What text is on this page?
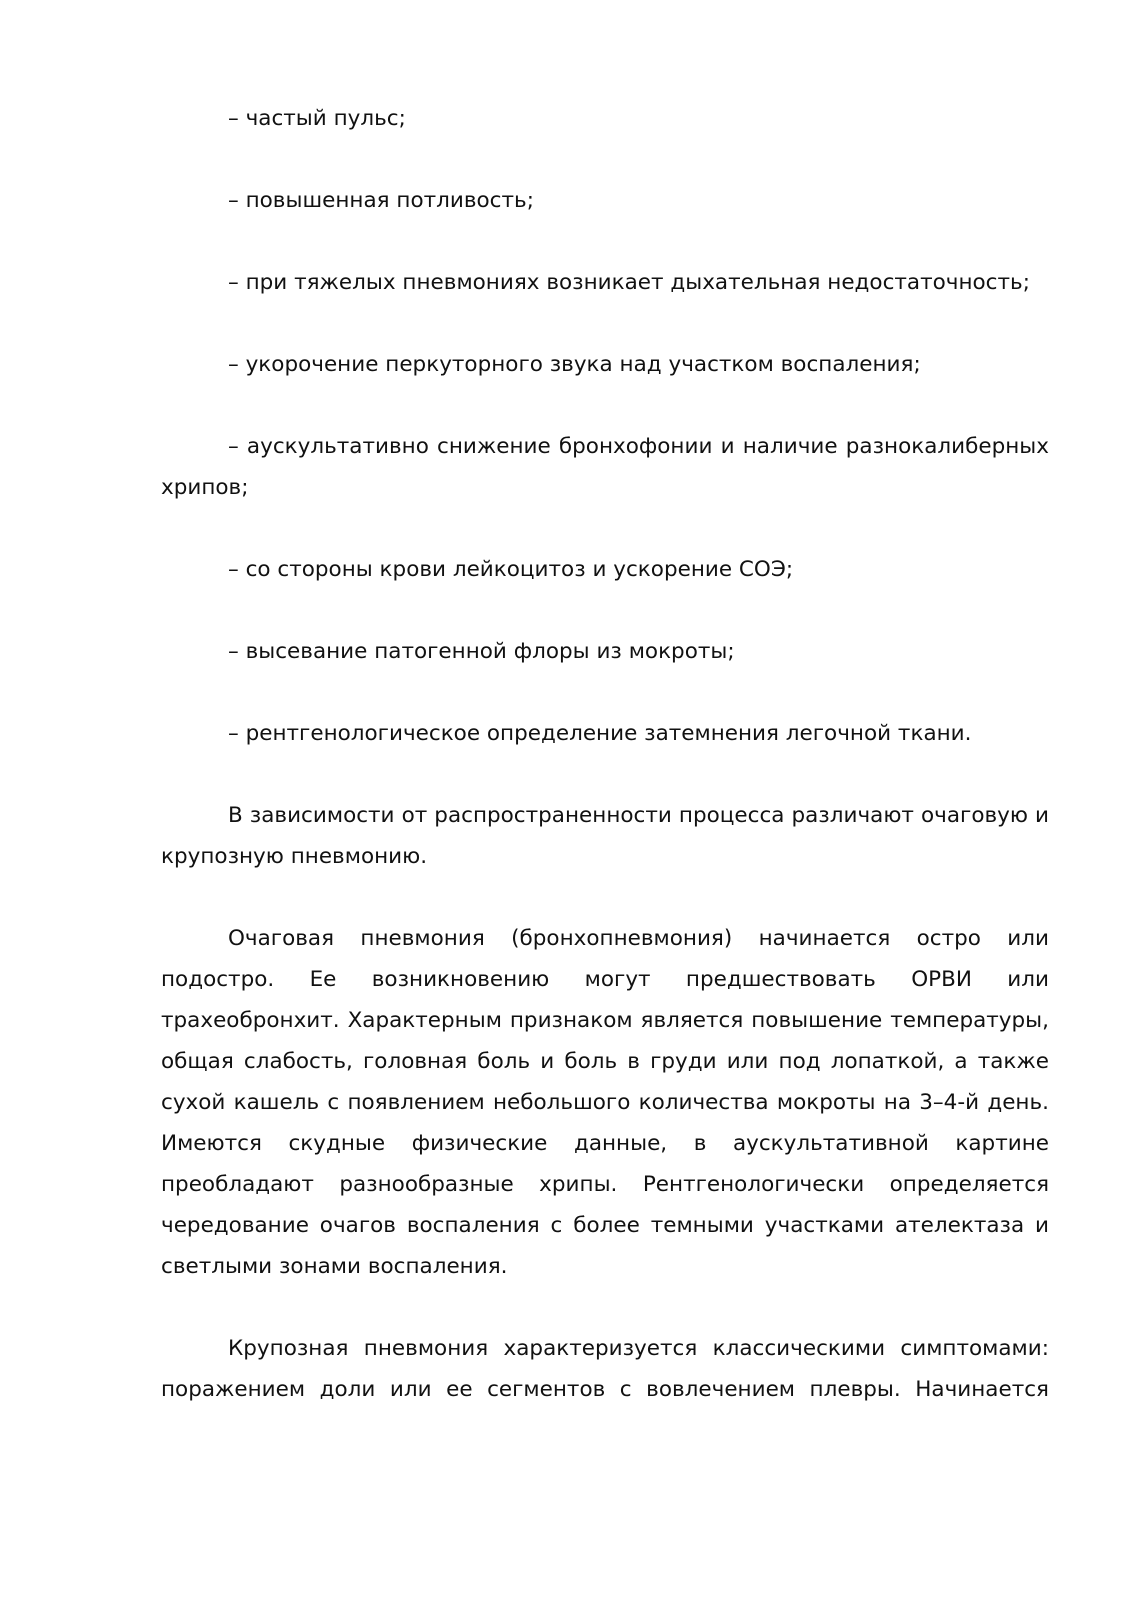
– частый пульс;

– повышенная потливость;

– при тяжелых пневмониях возникает дыхательная недостаточность;

– укорочение перкуторного звука над участком воспаления;

– аускультативно снижение бронхофонии и наличие разнокалиберных хрипов;

– со стороны крови лейкоцитоз и ускорение СОЭ;

– высевание патогенной флоры из мокроты;

– рентгенологическое определение затемнения легочной ткани.

В зависимости от распространенности процесса различают очаговую и крупозную пневмонию.

Очаговая пневмония (бронхопневмония) начинается остро или подостро. Ее возникновению могут предшествовать ОРВИ или трахеобронхит. Характерным признаком является повышение температуры, общая слабость, головная боль и боль в груди или под лопаткой, а также сухой кашель с появлением небольшого количества мокроты на 3–4-й день. Имеются скудные физические данные, в аускультативной картине преобладают разнообразные хрипы. Рентгенологически определяется чередование очагов воспаления с более темными участками ателектаза и светлыми зонами воспаления.

Крупозная пневмония характеризуется классическими симптомами: поражением доли или ее сегментов с вовлечением плевры. Начинается
